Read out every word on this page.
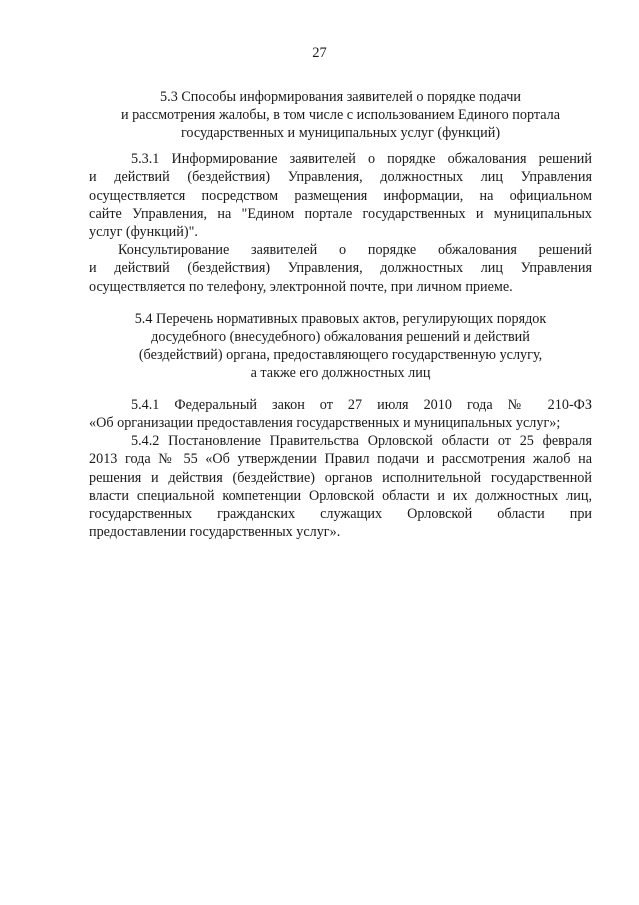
27
5.3 Способы информирования заявителей о порядке подачи
и рассмотрения жалобы, в том числе с использованием Единого портала
государственных и муниципальных услуг (функций)
5.3.1 Информирование заявителей о порядке обжалования решений
и действий (бездействия) Управления, должностных лиц Управления
осуществляется посредством размещения информации, на официальном
сайте Управления, на "Едином портале государственных и муниципальных
услуг (функций)".
Консультирование заявителей о порядке обжалования решений
и действий (бездействия) Управления, должностных лиц Управления
осуществляется по телефону, электронной почте, при личном приеме.
5.4 Перечень нормативных правовых актов, регулирующих порядок
досудебного (внесудебного) обжалования решений и действий
(бездействий) органа, предоставляющего государственную услугу,
а также его должностных лиц
5.4.1 Федеральный закон от 27 июля 2010 года № 210-ФЗ
«Об организации предоставления государственных и муниципальных услуг»;
5.4.2 Постановление Правительства Орловской области от 25 февраля
2013 года № 55 «Об утверждении Правил подачи и рассмотрения жалоб на
решения и действия (бездействие) органов исполнительной государственной
власти специальной компетенции Орловской области и их должностных лиц,
государственных гражданских служащих Орловской области при
предоставлении государственных услуг».
